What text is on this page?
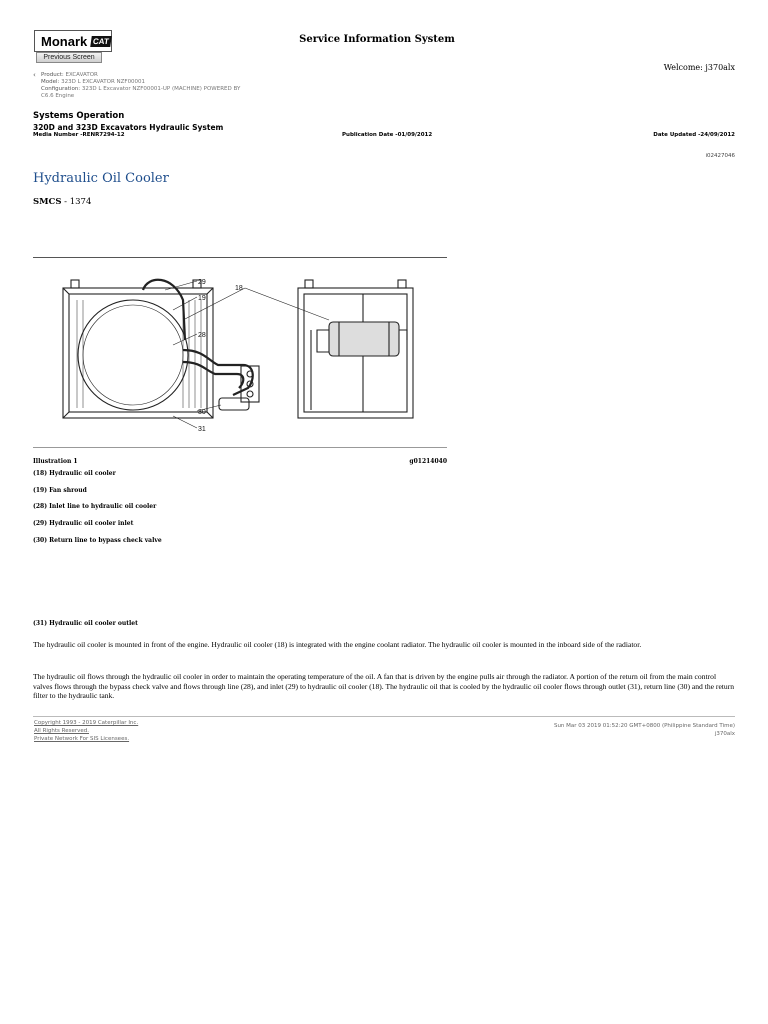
Monark CAT
Previous Screen
Service Information System
Welcome: j370alx
‹ Product: EXCAVATOR
Model: 323D L EXCAVATOR NZF00001
Configuration: 323D L Excavator NZF00001-UP (MACHINE) POWERED BY
C6.6 Engine
Systems Operation
320D and 323D Excavators Hydraulic System
Media Number -RENR7294-12	Publication Date -01/09/2012	Date Updated -24/09/2012
i02427046
Hydraulic Oil Cooler
SMCS - 1374
29
18
19
28
30
31
Illustration 1	g01214040
(18) Hydraulic oil cooler
(19) Fan shroud
(28) Inlet line to hydraulic oil cooler
(29) Hydraulic oil cooler inlet
(30) Return line to bypass check valve
(31) Hydraulic oil cooler outlet
The hydraulic oil cooler is mounted in front of the engine. Hydraulic oil cooler (18) is integrated with the engine coolant radiator. The hydraulic oil cooler is mounted in the inboard side of the radiator.
The hydraulic oil flows through the hydraulic oil cooler in order to maintain the operating temperature of the oil. A fan that is driven by the engine pulls air through the radiator. A portion of the return oil from the main control valves flows through the bypass check valve and flows through line (28), and inlet (29) to hydraulic oil cooler (18). The hydraulic oil that is cooled by the hydraulic oil cooler flows through outlet (31), return line (30) and the return filter to the hydraulic tank.
Copyright 1993 - 2019 Caterpillar Inc.
All Rights Reserved.
Private Network For SIS Licensees.
Sun Mar 03 2019 01:52:20 GMT+0800 (Philippine Standard Time)
j370alx
